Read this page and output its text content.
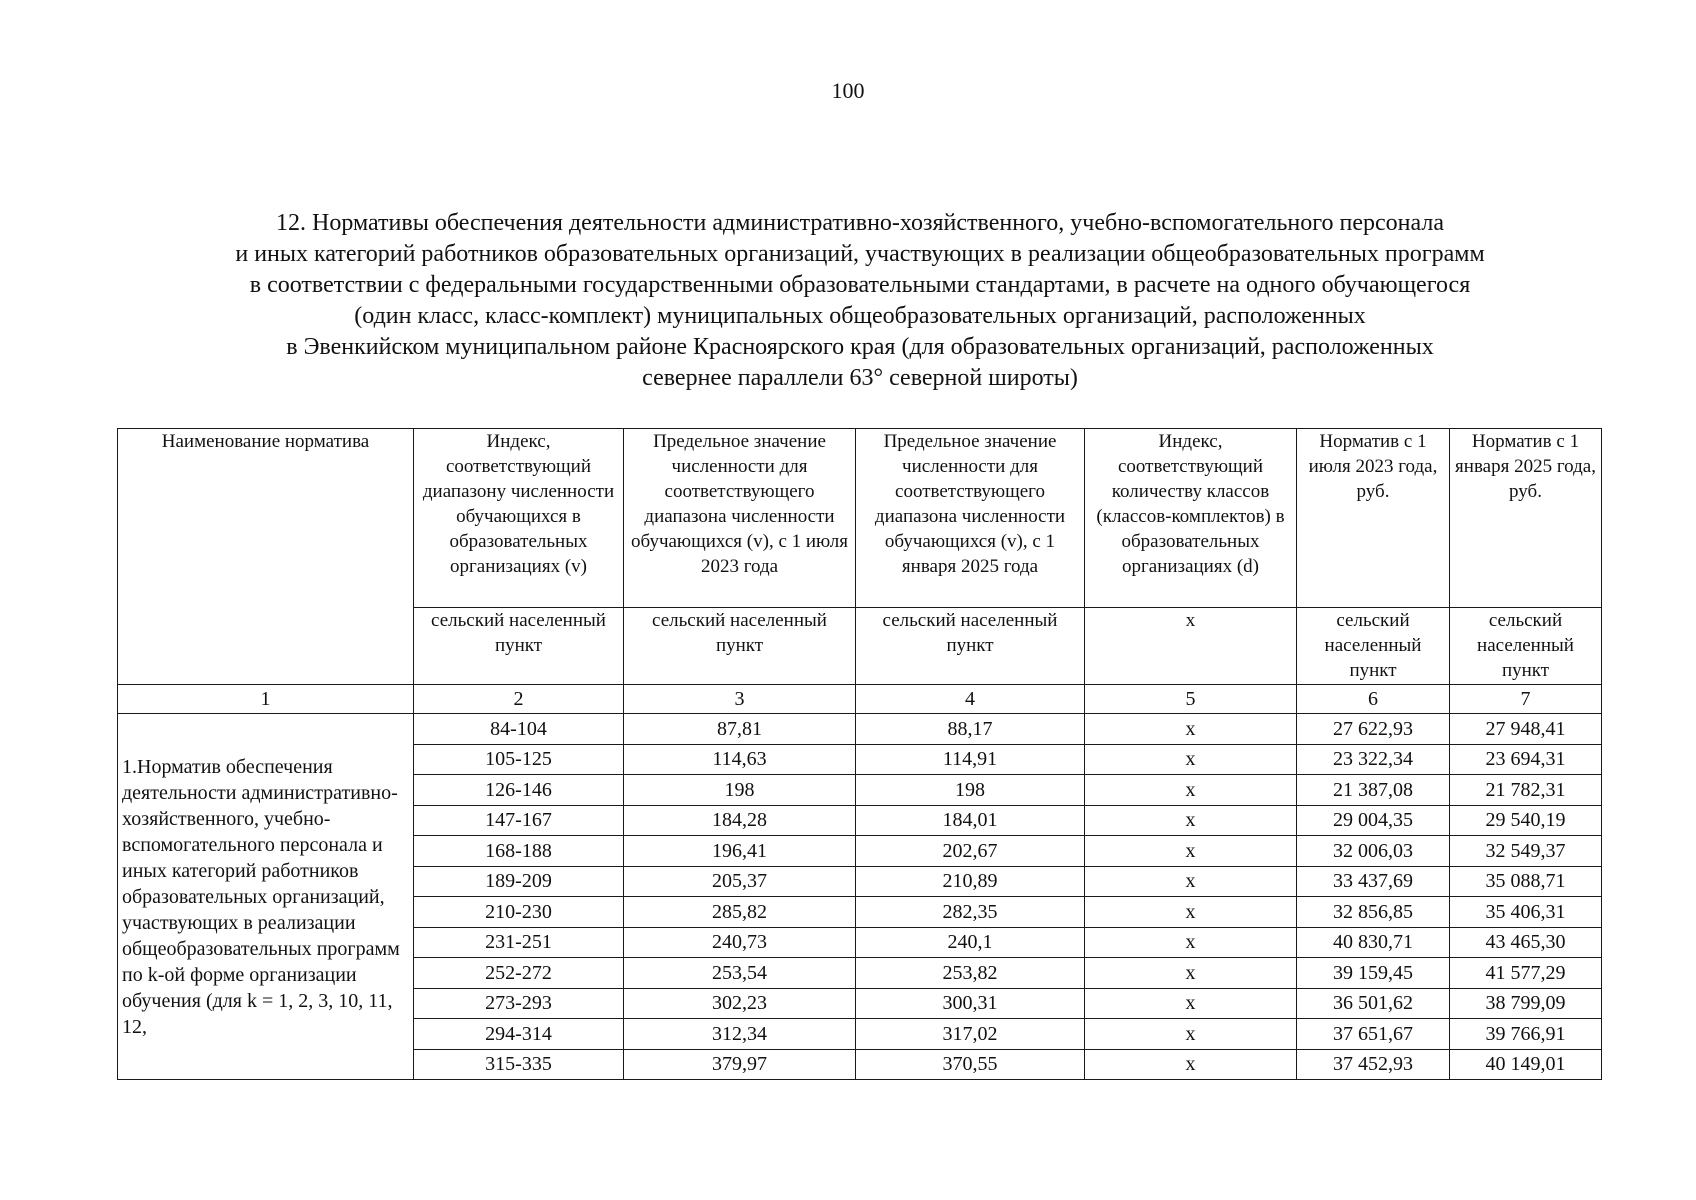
100
12. Нормативы обеспечения деятельности административно-хозяйственного, учебно-вспомогательного персонала
и иных категорий работников образовательных организаций, участвующих в реализации общеобразовательных программ
в соответствии с федеральными государственными образовательными стандартами, в расчете на одного обучающегося
(один класс, класс-комплект) муниципальных общеобразовательных организаций, расположенных
в Эвенкийском муниципальном районе Красноярского края (для образовательных организаций, расположенных
севернее параллели 63° северной широты)
Наименование норматива	Индекс, соответствующий диапазону численности обучающихся в образовательных организациях (v)	Предельное значение численности для соответствующего диапазона численности обучающихся (v), с 1 июля 2023 года	Предельное значение численности для соответствующего диапазона численности обучающихся (v), с 1 января 2025 года	Индекс, соответствующий количеству классов (классов-комплектов) в образовательных организациях (d)	Норматив с 1 июля 2023 года, руб.	Норматив с 1 января 2025 года, руб.
	сельский населенный пункт	сельский населенный пункт	сельский населенный пункт	x	сельский населенный пункт	сельский населенный пункт
1	2	3	4	5	6	7
1.Норматив обеспечения деятельности административно-хозяйственного, учебно-вспомогательного персонала и иных категорий работников образовательных организаций, участвующих в реализации общеобразовательных программ по k-ой форме организации обучения (для k = 1, 2, 3, 10, 11, 12,	84-104	87,81	88,17	x	27 622,93	27 948,41
	105-125	114,63	114,91	x	23 322,34	23 694,31
	126-146	198	198	x	21 387,08	21 782,31
	147-167	184,28	184,01	x	29 004,35	29 540,19
	168-188	196,41	202,67	x	32 006,03	32 549,37
	189-209	205,37	210,89	x	33 437,69	35 088,71
	210-230	285,82	282,35	x	32 856,85	35 406,31
	231-251	240,73	240,1	x	40 830,71	43 465,30
	252-272	253,54	253,82	x	39 159,45	41 577,29
	273-293	302,23	300,31	x	36 501,62	38 799,09
	294-314	312,34	317,02	x	37 651,67	39 766,91
	315-335	379,97	370,55	x	37 452,93	40 149,01
